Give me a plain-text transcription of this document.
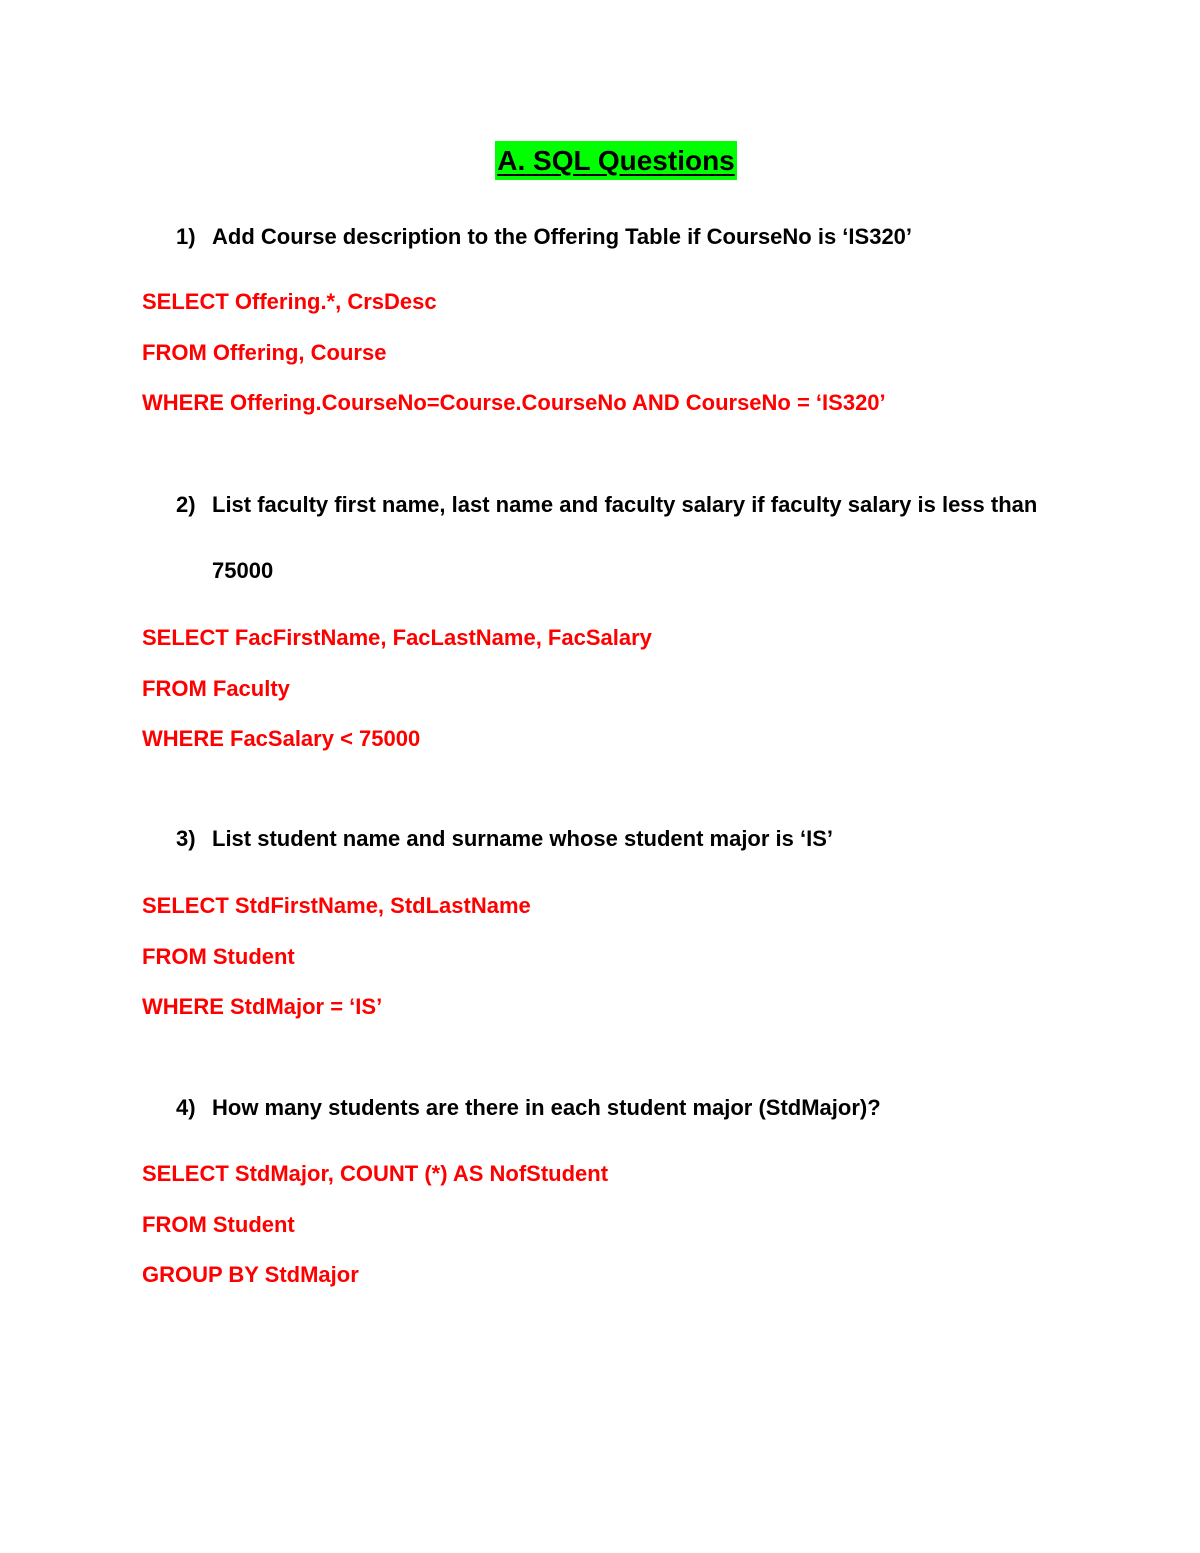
A. SQL Questions
1) Add Course description to the Offering Table if CourseNo is ‘IS320’
SELECT Offering.*, CrsDesc
FROM Offering, Course
WHERE Offering.CourseNo=Course.CourseNo AND CourseNo = ‘IS320’
2) List faculty first name, last name and faculty salary if faculty salary is less than 75000
SELECT FacFirstName, FacLastName, FacSalary
FROM Faculty
WHERE FacSalary < 75000
3) List student name and surname whose student major is ‘IS’
SELECT StdFirstName, StdLastName
FROM Student
WHERE StdMajor = ‘IS’
4) How many students are there in each student major (StdMajor)?
SELECT StdMajor, COUNT (*) AS NofStudent
FROM Student
GROUP BY StdMajor
